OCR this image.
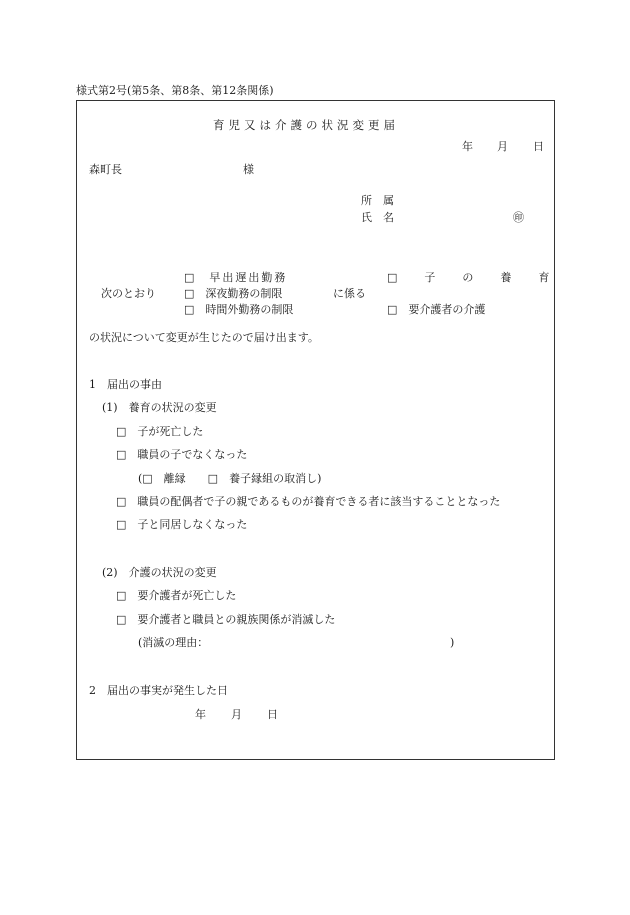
様式第2号(第5条、第8条、第12条関係)
育児又は介護の状況変更届
年 月 日
森町長	様
所　属
氏　名	㊞
次のとおり
□　早出遅出勤務
□　深夜勤務の制限
□　時間外勤務の制限
に係る
□　子　の　養　育
□　要介護者の介護
の状況について変更が生じたので届け出ます。
1　届出の事由
(1)　養育の状況の変更
□　子が死亡した
□　職員の子でなくなった
(□　離縁　　□　養子縁組の取消し)
□　職員の配偶者で子の親であるものが養育できる者に該当することとなった
□　子と同居しなくなった
(2)　介護の状況の変更
□　要介護者が死亡した
□　要介護者と職員との親族関係が消滅した
(消滅の理由：	)
2　届出の事実が発生した日
年 月 日
